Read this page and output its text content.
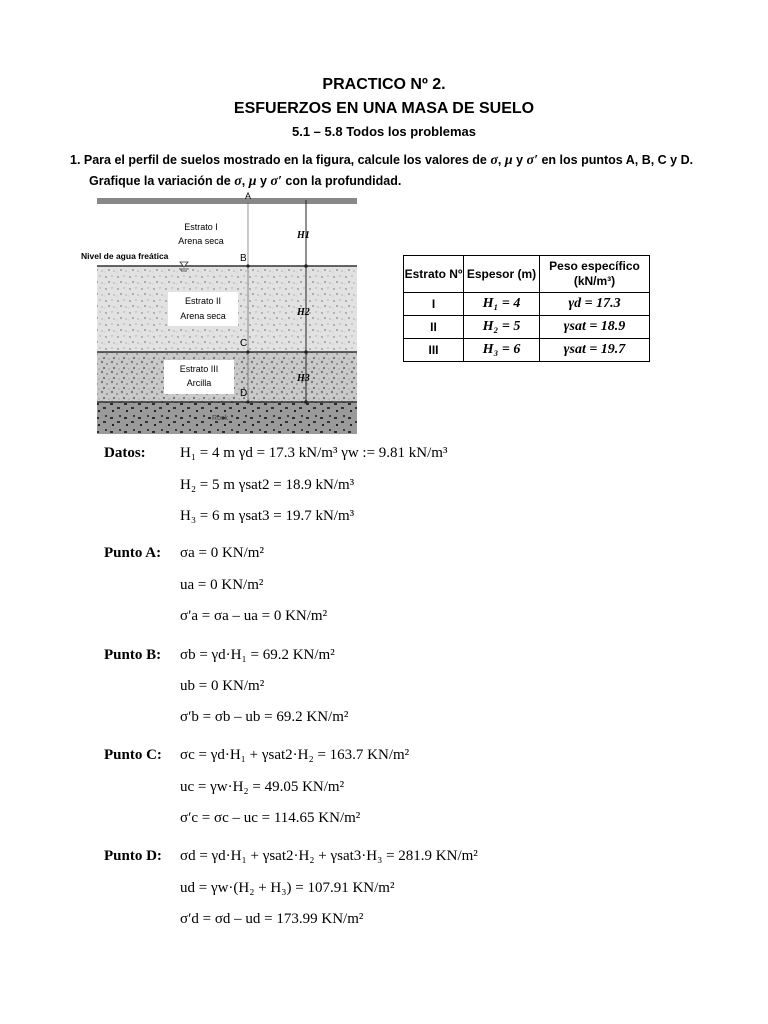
PRACTICO Nº 2.
ESFUERZOS EN UNA MASA DE SUELO
5.1 – 5.8 Todos los problemas
1. Para el perfil de suelos mostrado en la figura, calcule los valores de σ, μ y σ′ en los puntos A, B, C y D.
Grafique la variación de σ, μ y σ′ con la profundidad.
Estrato I
Arena seca
Nivel de agua freática
Estrato II
Arena seca
Estrato III
Arcilla
A
B
C
D
H1
H2
H3
Rock
Estrato Nº	Espesor (m)	Peso específico (kN/m³)
I	H₁ = 4	γd = 17.3
II	H₂ = 5	γsat = 18.9
III	H₃ = 6	γsat = 19.7
Datos: H₁ = 4 m γd = 17.3 kN/m³ γw := 9.81 kN/m³
H₂ = 5 m γsat2 = 18.9 kN/m³
H₃ = 6 m γsat3 = 19.7 kN/m³
Punto A: σa = 0 KN/m²
ua = 0 KN/m²
σ′a = σa – ua = 0 KN/m²
Punto B: σb = γd·H₁ = 69.2 KN/m²
ub = 0 KN/m²
σ′b = σb – ub = 69.2 KN/m²
Punto C: σc = γd·H₁ + γsat2·H₂ = 163.7 KN/m²
uc = γw·H₂ = 49.05 KN/m²
σ′c = σc – uc = 114.65 KN/m²
Punto D: σd = γd·H₁ + γsat2·H₂ + γsat3·H₃ = 281.9 KN/m²
ud = γw·(H₂ + H₃) = 107.91 KN/m²
σ′d = σd – ud = 173.99 KN/m²
